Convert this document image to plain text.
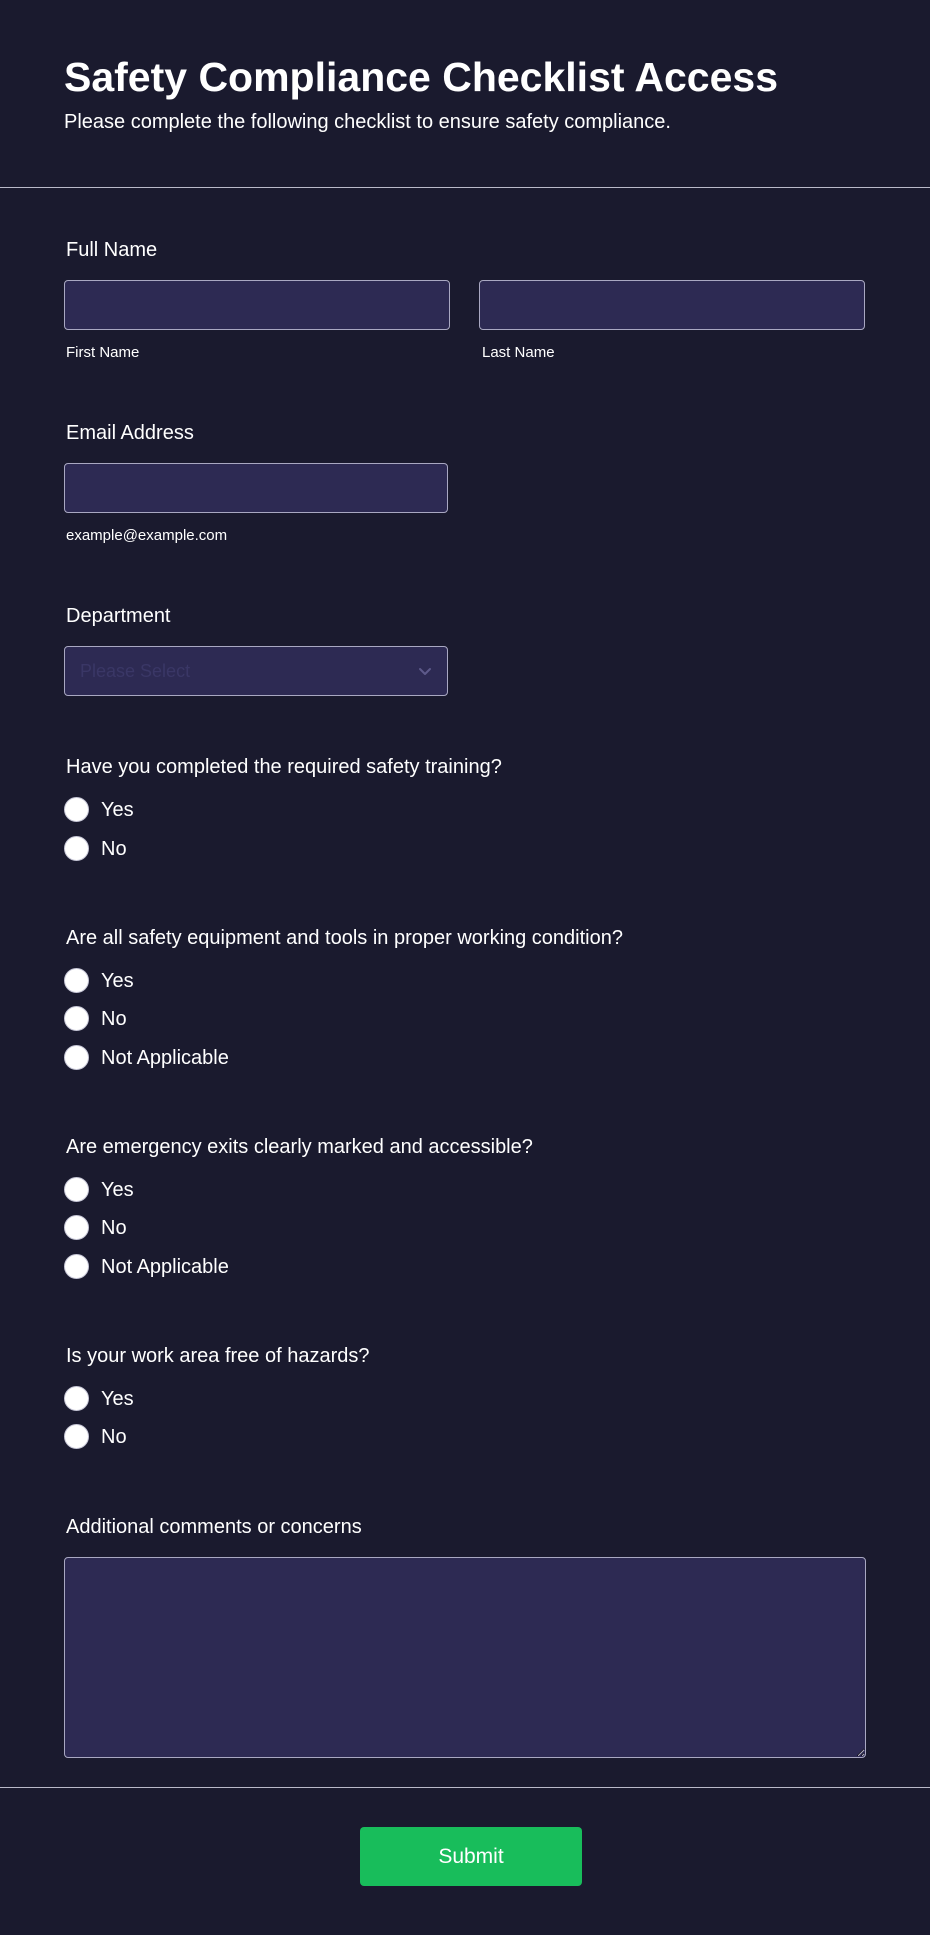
Safety Compliance Checklist Access

Please complete the following checklist to ensure safety compliance.

Full Name
First Name	Last Name
Email Address
example@example.com
Department
Please Select
Have you completed the required safety training?
Yes
No
Are all safety equipment and tools in proper working condition?
Yes
No
Not Applicable
Are emergency exits clearly marked and accessible?
Yes
No
Not Applicable
Is your work area free of hazards?
Yes
No
Additional comments or concerns
Submit
